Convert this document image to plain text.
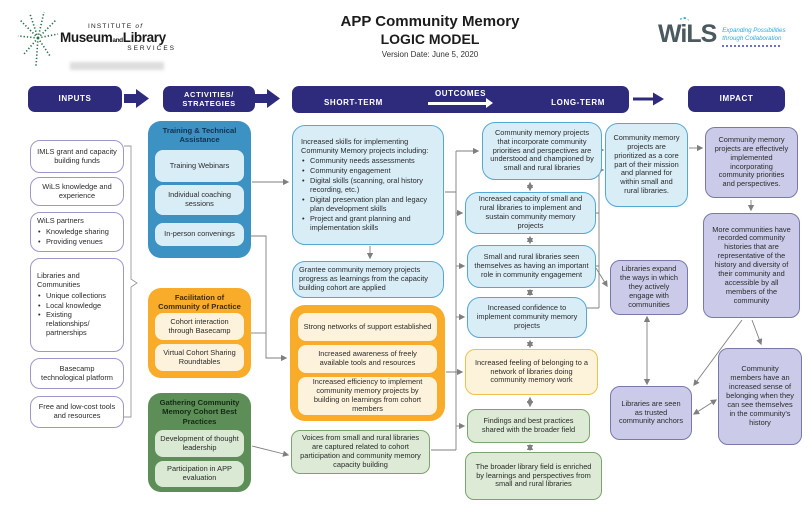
INSTITUTE of
MuseumandLibrary
SERVICES
APP Community Memory
LOGIC MODEL
Version Date: June 5, 2020
WiLS Expanding Possibilities
through Collaboration
INPUTS	ACTIVITIES/
STRATEGIES
OUTCOMES
SHORT-TERM	LONG-TERM	IMPACT
IMLS grant and capacity building funds
WiLS knowledge and experience
WiLS partners
• Knowledge sharing
• Providing venues
Libraries and Communities
• Unique collections
• Local knowledge
• Existing relationships/ partnerships
Basecamp technological platform
Free and low-cost tools and resources
Training & Technical Assistance
Training Webinars
Individual coaching sessions
In-person convenings
Facilitation of Community of Practice
Cohort interaction through Basecamp
Virtual Cohort Sharing Roundtables
Gathering Community Memory Cohort Best Practices
Development of thought leadership
Participation in APP evaluation
Increased skills for implementing Community Memory projects including:
• Community needs assessments
• Community engagement
• Digital skills (scanning, oral history recording, etc.)
• Digital preservation plan and legacy plan development skills
• Project and grant planning and implementation skills
Grantee community memory projects progress as learnings from the capacity building cohort are applied
Strong networks of support established
Increased awareness of freely available tools and resources
Increased efficiency to implement community memory projects by building on learnings from cohort members
Voices from small and rural libraries are captured related to cohort participation and community memory capacity building
Community memory projects that incorporate community priorities and perspectives are understood and championed by small and rural libraries
Increased capacity of small and rural libraries to implement and sustain community memory projects
Small and rural libraries seen themselves as having an important role in community engagement
Increased confidence to implement community memory projects
Increased feeling of belonging to a network of libraries doing community memory work
Findings and best practices shared with the broader field
The broader library field is enriched by learnings and perspectives from small and rural libraries
Community memory projects are prioritized as a core part of their mission and planned for within small and rural libraries.
Libraries expand the ways in which they actively engage with communities
Libraries are seen as trusted community anchors
Community memory projects are effectively implemented incorporating community priorities and perspectives.
More communities have recorded community histories that are representative of the history and diversity of their community and accessible by all members of the community
Community members have an increased sense of belonging when they can see themselves in the community's history
